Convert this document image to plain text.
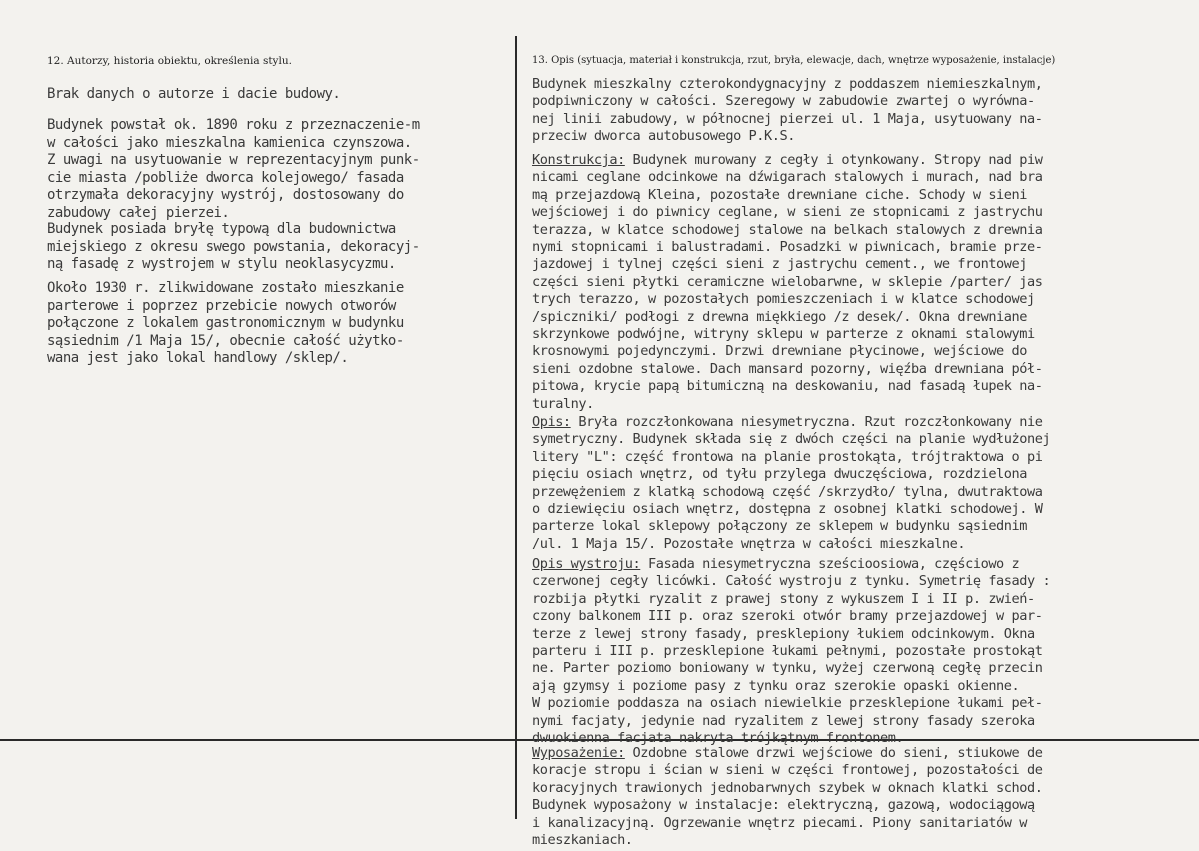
12. Autorzy, historia obiektu, określenia stylu.	13. Opis (sytuacja, materiał i konstrukcja, rzut, bryła, elewacje, dach, wnętrze wyposażenie, instalacje)

Brak danych o autorze i dacie budowy.

Budynek powstał ok. 1890 roku z przeznaczenie-m
w całości jako mieszkalna kamienica czynszowa.
Z uwagi na usytuowanie w reprezentacyjnym punk-
cie miasta /pobliże dworca kolejowego/ fasada
otrzymała dekoracyjny wystrój, dostosowany do
zabudowy całej pierzei.

Budynek posiada bryłę typową dla budownictwa
miejskiego z okresu swego powstania, dekoracyj-
ną fasadę z wystrojem w stylu neoklasycyzmu.

Około 1930 r. zlikwidowane zostało mieszkanie
parterowe i poprzez przebicie nowych otworów
połączone z lokalem gastronomicznym w budynku
sąsiednim /1 Maja 15/, obecnie całość użytko-
wana jest jako lokal handlowy /sklep/.

Budynek mieszkalny czterokondygnacyjny z poddaszem niemieszkalnym,
podpiwniczony w całości. Szeregowy w zabudowie zwartej o wyrówna-
nej linii zabudowy, w północnej pierzei ul. 1 Maja, usytuowany na-
przeciw dworca autobusowego P.K.S.

Konstrukcja: Budynek murowany z cegły i otynkowany. Stropy nad piw
nicami ceglane odcinkowe na dźwigarach stalowych i murach, nad bra
mą przejazdową Kleina, pozostałe drewniane ciche. Schody w sieni
wejściowej i do piwnicy ceglane, w sieni ze stopnicami z jastrychu
terazza, w klatce schodowej stalowe na belkach stalowych z drewnia
nymi stopnicami i balustradami. Posadzki w piwnicach, bramie prze-
jazdowej i tylnej części sieni z jastrychu cement., we frontowej
części sieni płytki ceramiczne wielobarwne, w sklepie /parter/ jas
trych terazzo, w pozostałych pomieszczeniach i w klatce schodowej
/spiczniki/ podłogi z drewna miękkiego /z desek/. Okna drewniane
skrzynkowe podwójne, witryny sklepu w parterze z oknami stalowymi
krosnowymi pojedynczymi. Drzwi drewniane płycinowe, wejściowe do
sieni ozdobne stalowe. Dach mansard pozorny, więźba drewniana pół-
pitowa, krycie papą bitumiczną na deskowaniu, nad fasadą łupek na-
turalny.

Opis: Bryła rozczłonkowana niesymetryczna. Rzut rozczłonkowany nie
symetryczny. Budynek składa się z dwóch części na planie wydłużonej
litery "L": część frontowa na planie prostokąta, trójtraktowa o pi
pięciu osiach wnętrz, od tyłu przylega dwuczęściowa, rozdzielona
przewężeniem z klatką schodową część /skrzydło/ tylna, dwutraktowa
o dziewięciu osiach wnętrz, dostępna z osobnej klatki schodowej. W
parterze lokal sklepowy połączony ze sklepem w budynku sąsiednim
/ul. 1 Maja 15/. Pozostałe wnętrza w całości mieszkalne.

Opis wystroju: Fasada niesymetryczna sześcioosiowa, częściowo z
czerwonej cegły licówki. Całość wystroju z tynku. Symetrię fasady :
rozbija płytki ryzalit z prawej stony z wykuszem I i II p. zwień-
czony balkonem III p. oraz szeroki otwór bramy przejazdowej w par-
terze z lewej strony fasady, presklepiony łukiem odcinkowym. Okna
parteru i III p. przesklepione łukami pełnymi, pozostałe prostokąt
ne. Parter poziomo boniowany w tynku, wyżej czerwoną cegłę przecin
ają gzymsy i poziome pasy z tynku oraz szerokie opaski okienne.
W poziomie poddasza na osiach niewielkie przesklepione łukami peł-
nymi facjaty, jedynie nad ryzalitem z lewej strony fasady szeroka
dwuokienna facjata nakryta trójkątnym frontonem.

Wyposażenie: Ozdobne stalowe drzwi wejściowe do sieni, stiukowe de
koracje stropu i ścian w sieni w części frontowej, pozostałości de
koracyjnych trawionych jednobarwnych szybek w oknach klatki schod.
Budynek wyposażony w instalacje: elektryczną, gazową, wodociągową
i kanalizacyjną. Ogrzewanie wnętrz piecami. Piony sanitariatów w
mieszkaniach.
